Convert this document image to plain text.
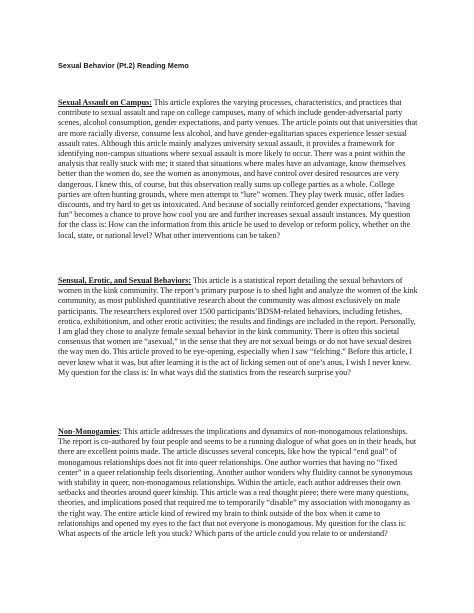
Sexual Behavior (Pt.2) Reading Memo
Sexual Assault on Campus: This article explores the varying processes, characteristics, and practices that contribute to sexual assault and rape on college campuses, many of which include gender-adversarial party scenes, alcohol consumption, gender expectations, and party venues. The article points out that universities that are more racially diverse, consume less alcohol, and have gender-egalitarian spaces experience lesser sexual assault rates. Although this article mainly analyzes university sexual assault, it provides a framework for identifying non-campus situations where sexual assault is more likely to occur. There was a point within the analysis that really stuck with me; it stated that situations where males have an advantage, know themselves better than the women do, see the women as anonymous, and have control over desired resources are very dangerous. I knew this, of course, but this observation really sums up college parties as a whole. College parties are often hunting grounds, where men attempt to “lure” women. They play twerk music, offer ladies discounts, and try hard to get us intoxicated. And because of socially reinforced gender expectations, “having fun” becomes a chance to prove how cool you are and further increases sexual assault instances. My question for the class is: How can the information from this article be used to develop or reform policy, whether on the local, state, or national level? What other interventions can be taken?
Sensual, Erotic, and Sexual Behaviors: This article is a statistical report detailing the sexual behaviors of women in the kink community. The report’s primary purpose is to shed light and analyze the women of the kink community, as most published quantitative research about the community was almost exclusively on male participants. The researchers explored over 1500 participants’BDSM-related behaviors, including fetishes, erotica, exhibitionism, and other erotic activities; the results and findings are included in the report. Personally, I am glad they chose to analyze female sexual behavior in the kink community. There is often this societal consensus that women are “asexual,” in the sense that they are not sexual beings or do not have sexual desires the way men do. This article proved to be eye-opening, especially when I saw “felching.” Before this article, I never knew what it was, but after learning it is the act of licking semen out of one’s anus, I wish I never knew. My question for the class is: In what ways did the statistics from the research surprise you?
Non-Monogamies: This article addresses the implications and dynamics of non-monogamous relationships. The report is co-authored by four people and seems to be a running dialogue of what goes on in their heads, but there are excellent points made. The article discusses several concepts, like how the typical “end goal” of monogamous relationships does not fit into queer relationships. One author worries that having no “fixed center” in a queer relationship feels disorienting. Another author wonders why fluidity cannot be synonymous with stability in queer, non-monogamous relationships. Within the article, each author addresses their own setbacks and theories around queer kinship. This article was a real thought pieee; there were many questions, theories, and implications posed that required me to temporarily “disable” my association with monogamy as the right way. The entire article kind of rewired my brain to think outside of the box when it came to relationships and opened my eyes to the fact that not everyone is monogamous. My question for the class is: What aspects of the article left you stuck? Which parts of the article could you relate to or understand?
